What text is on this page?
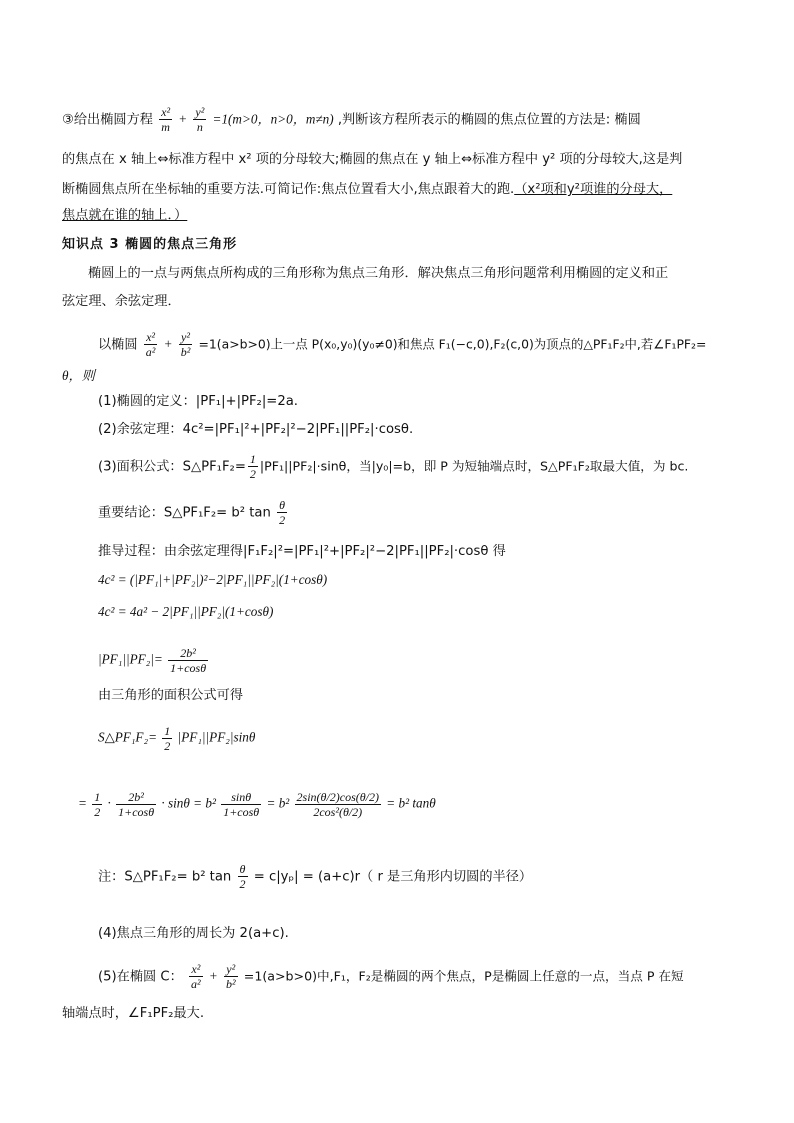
③给出椭圆方程 $\frac{\text{x²}}{m} + \frac{\text{y²}}{n} =1(m>0$，n>0，m≠n) ,判断该方程所表示的椭圆的焦点位置的方法是: 椭圆
的焦点在 x 轴上⇔标准方程中 x² 项的分母较大;椭圆的焦点在 y 轴上⇔标准方程中 y² 项的分母较大,这是判
断椭圆焦点所在坐标轴的重要方法.可简记作:焦点位置看大小,焦点跟着大的跑.（x²项和y²项谁的分母大，
焦点就在谁的轴上．）
知识点 3 椭圆的焦点三角形
椭圆上的一点与两焦点所构成的三角形称为焦点三角形．解决焦点三角形问题常利用椭圆的定义和正
弦定理、余弦定理．
以椭圆 $\frac{\text{x²}}{\text{a²}} + \frac{\text{y²}}{\text{b²}} =1(a>b>0)$上一点 P(x₀,y₀)(y₀≠0)和焦点 F₁(−c,0),F₂(c,0)为顶点的△PF₁F₂中,若∠F₁PF₂=
θ，则
(1)椭圆的定义：|PF₁|+|PF₂|=2a.
(2)余弦定理：4c²=|PF₁|²+|PF₂|²−2|PF₁||PF₂|·cosθ.
(3)面积公式：S△PF₁F₂= $\frac{1}{2} |PF_1||PF_2|\cdot\sin\theta$，当|y₀|=b，即 P 为短轴端点时，S△PF₁F₂取最大值，为 bc.
重要结论：S△PF₁F₂= b² $\tan \frac{\theta}{2}$
推导过程：由余弦定理得|F₁F₂|²=|PF₁|²+|PF₂|²−2|PF₁||PF₂|·cosθ 得
4c² = (|PF₁|+|PF₂|)²−2|PF₁||PF₂|(1+cosθ)
4c² = 4a² − 2|PF₁||PF₂|(1+cosθ)
$|PF_1||PF_2|= \frac{\text{2b²}}{1+\cos\theta}$
由三角形的面积公式可得
S△PF₁F₂= $\frac{1}{2} |PF_1||PF_2|\sin\theta$
= $\frac{1}{2} \cdot \frac{\text{2b²}}{1+\cos\theta} \cdot \sin\theta = b^2 \frac{\sin\theta}{1+\cos\theta} = b^2 \frac{2\sin(\theta/2)\cos(\theta/2)}{\text{2cos²(θ/2)}} = b^2$ tanθ
注：S△PF₁F₂= b² $\tan \frac{\theta}{2} = c|y_p| = (a+c)r$（ r 是三角形内切圆的半径）
(4)焦点三角形的周长为 2(a+c).
(5)在椭圆 C： $\frac{\text{x²}}{\text{a²}} + \frac{\text{y²}}{\text{b²}} =1(a>b>0)$中,F₁，F₂是椭圆的两个焦点，P是椭圆上任意的一点，当点 P 在短
轴端点时，∠F₁PF₂最大.
